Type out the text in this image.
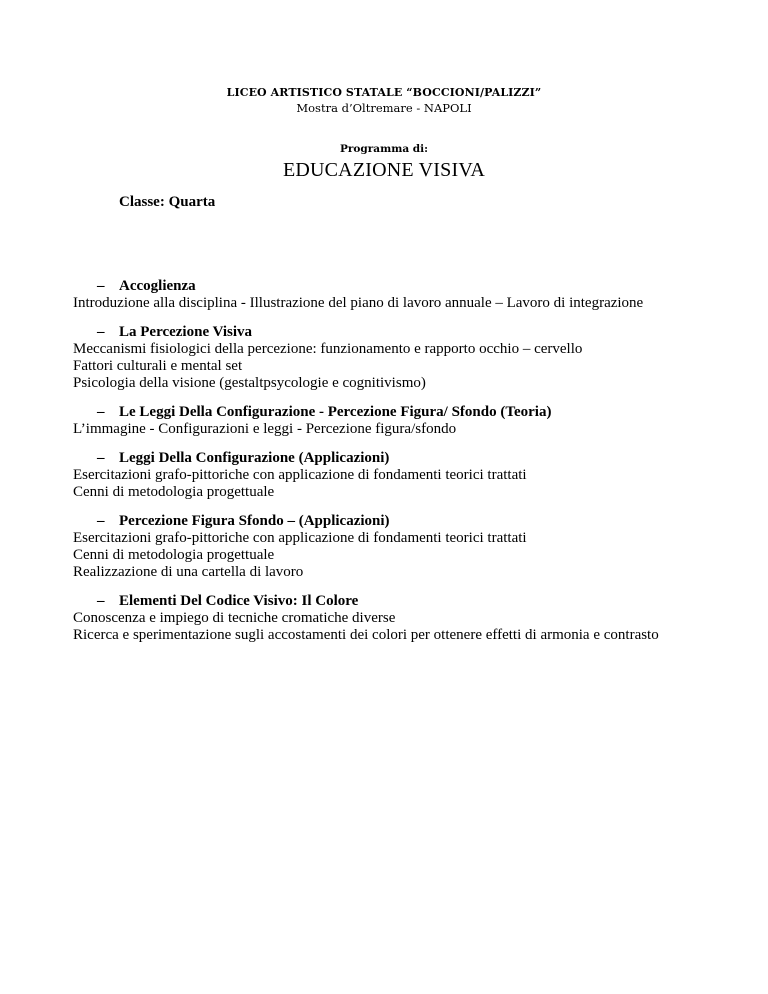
LICEO ARTISTICO STATALE “BOCCIONI/PALIZZI”
Mostra d’Oltremare - NAPOLI
Programma di:
EDUCAZIONE VISIVA
Classe: Quarta
– Accoglienza
Introduzione alla disciplina - Illustrazione del piano di lavoro annuale – Lavoro di integrazione
– La Percezione Visiva
Meccanismi fisiologici della percezione: funzionamento e rapporto occhio – cervello
Fattori culturali e mental set
Psicologia della visione (gestaltpsycologie e cognitivismo)
– Le Leggi Della Configurazione - Percezione Figura/ Sfondo (Teoria)
L’immagine - Configurazioni e leggi - Percezione figura/sfondo
– Leggi Della Configurazione (Applicazioni)
Esercitazioni grafo-pittoriche con applicazione di fondamenti teorici trattati
Cenni di metodologia progettuale
– Percezione Figura Sfondo – (Applicazioni)
Esercitazioni grafo-pittoriche con applicazione di fondamenti teorici trattati
Cenni di metodologia progettuale
Realizzazione di una cartella di lavoro
– Elementi Del Codice Visivo: Il Colore
Conoscenza e impiego di tecniche cromatiche diverse
Ricerca e sperimentazione sugli accostamenti dei colori per ottenere effetti di armonia e contrasto
